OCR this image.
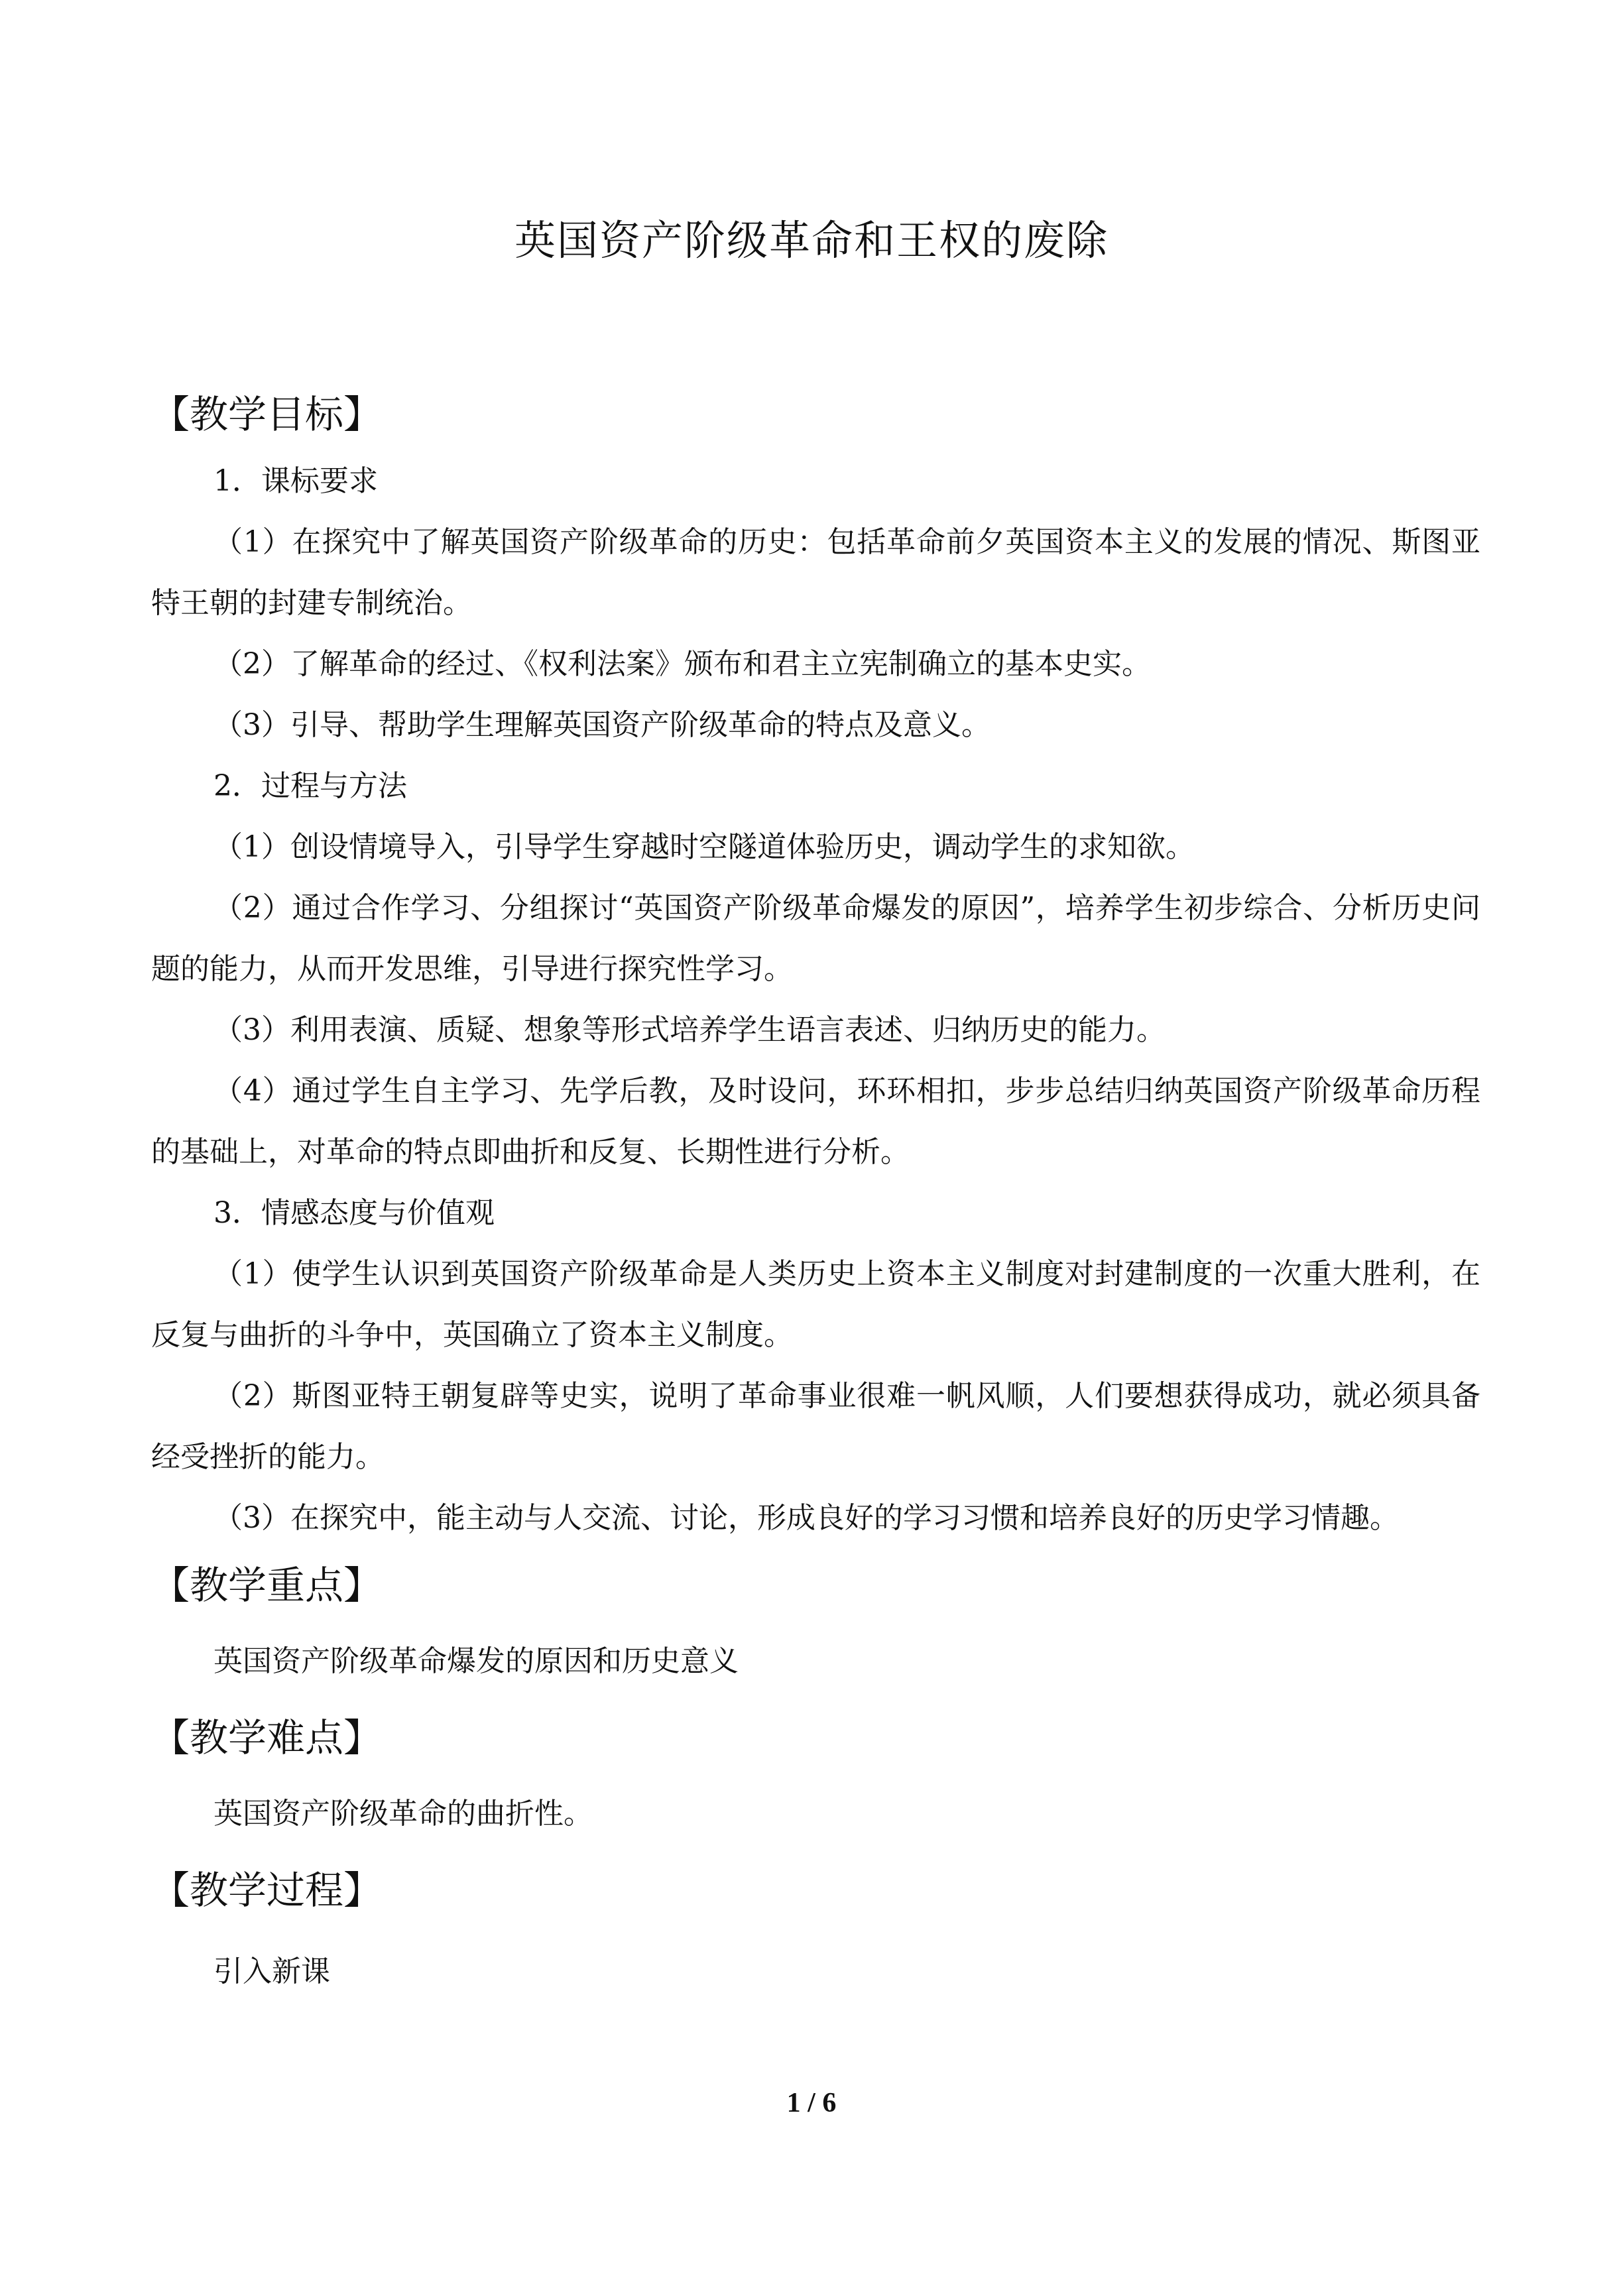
英国资产阶级革命和王权的废除
【教学目标】
1．课标要求

（1）在探究中了解英国资产阶级革命的历史：包括革命前夕英国资本主义的发展的情况、斯图亚特王朝的封建专制统治。

（2）了解革命的经过、《权利法案》颁布和君主立宪制确立的基本史实。

（3）引导、帮助学生理解英国资产阶级革命的特点及意义。

2．过程与方法

（1）创设情境导入，引导学生穿越时空隧道体验历史，调动学生的求知欲。

（2）通过合作学习、分组探讨“英国资产阶级革命爆发的原因”，培养学生初步综合、分析历史问题的能力，从而开发思维，引导进行探究性学习。

（3）利用表演、质疑、想象等形式培养学生语言表述、归纳历史的能力。

（4）通过学生自主学习、先学后教，及时设问，环环相扣，步步总结归纳英国资产阶级革命历程的基础上，对革命的特点即曲折和反复、长期性进行分析。

3．情感态度与价值观

（1）使学生认识到英国资产阶级革命是人类历史上资本主义制度对封建制度的一次重大胜利，在反复与曲折的斗争中，英国确立了资本主义制度。

（2）斯图亚特王朝复辟等史实，说明了革命事业很难一帆风顺，人们要想获得成功，就必须具备经受挫折的能力。

（3）在探究中，能主动与人交流、讨论，形成良好的学习习惯和培养良好的历史学习情趣。

【教学重点】

英国资产阶级革命爆发的原因和历史意义

【教学难点】

英国资产阶级革命的曲折性。

【教学过程】

引入新课

1 / 6
